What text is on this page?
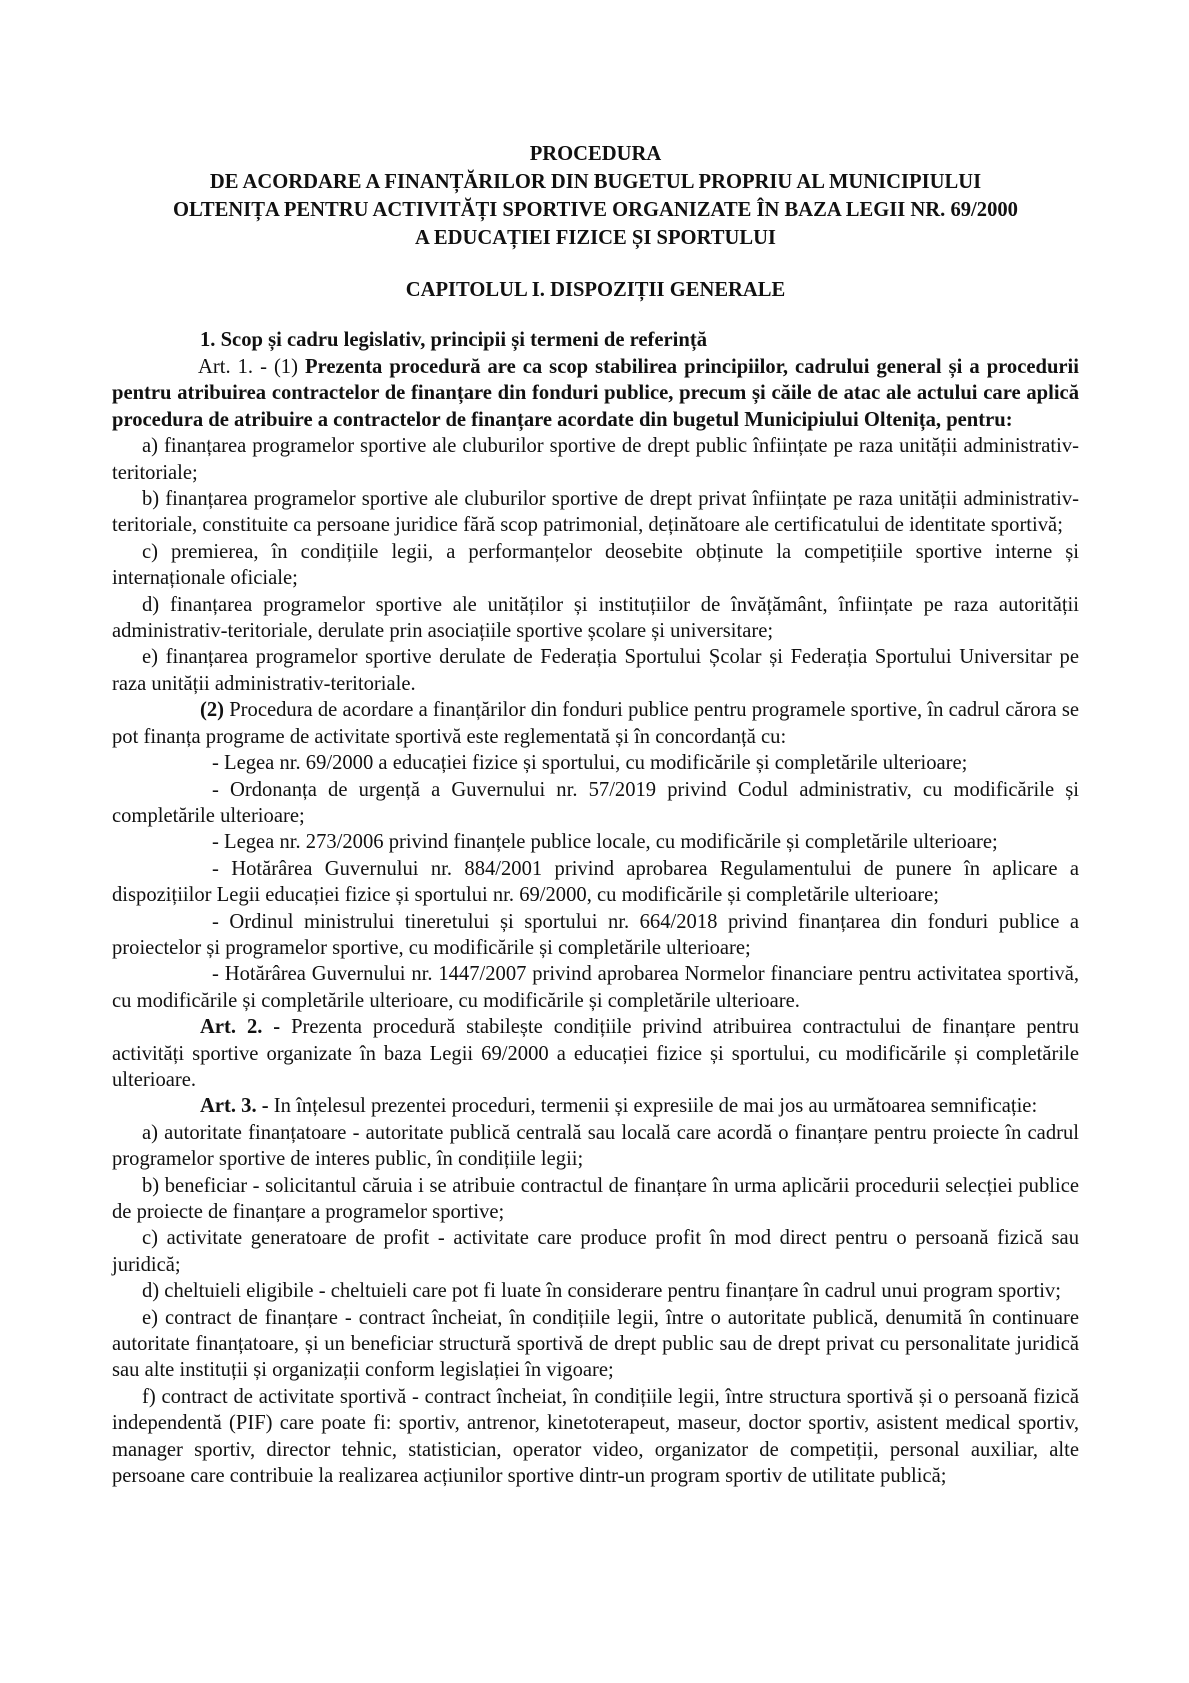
PROCEDURA

DE ACORDARE A FINANȚĂRILOR DIN BUGETUL PROPRIU AL MUNICIPIULUI

OLTENIȚA PENTRU ACTIVITĂȚI SPORTIVE ORGANIZATE ÎN BAZA LEGII NR. 69/2000

A EDUCAȚIEI FIZICE ȘI SPORTULUI

CAPITOLUL I. DISPOZIȚII GENERALE

1. Scop și cadru legislativ, principii și termeni de referință

Art. 1. - (1) Prezenta procedură are ca scop stabilirea principiilor, cadrului general și a procedurii pentru atribuirea contractelor de finanțare din fonduri publice, precum și căile de atac ale actului care aplică procedura de atribuire a contractelor de finanțare acordate din bugetul Municipiului Oltenița, pentru:

a) finanțarea programelor sportive ale cluburilor sportive de drept public înființate pe raza unității administrativ-teritoriale;

b) finanțarea programelor sportive ale cluburilor sportive de drept privat înființate pe raza unității administrativ-teritoriale, constituite ca persoane juridice fără scop patrimonial, deținătoare ale certificatului de identitate sportivă;

c) premierea, în condițiile legii, a performanțelor deosebite obținute la competițiile sportive interne și internaționale oficiale;

d) finanțarea programelor sportive ale unităților și instituțiilor de învățământ, înființate pe raza autorității administrativ-teritoriale, derulate prin asociațiile sportive școlare și universitare;

e) finanțarea programelor sportive derulate de Federația Sportului Școlar și Federația Sportului Universitar pe raza unității administrativ-teritoriale.

(2) Procedura de acordare a finanțărilor din fonduri publice pentru programele sportive, în cadrul cărora se pot finanța programe de activitate sportivă este reglementată și în concordanță cu:

- Legea nr. 69/2000 a educației fizice și sportului, cu modificările și completările ulterioare;

- Ordonanța de urgență a Guvernului nr. 57/2019 privind Codul administrativ, cu modificările și completările ulterioare;

- Legea nr. 273/2006 privind finanțele publice locale, cu modificările și completările ulterioare;

- Hotărârea Guvernului nr. 884/2001 privind aprobarea Regulamentului de punere în aplicare a dispozițiilor Legii educației fizice și sportului nr. 69/2000, cu modificările și completările ulterioare;

- Ordinul ministrului tineretului și sportului nr. 664/2018 privind finanțarea din fonduri publice a proiectelor și programelor sportive, cu modificările și completările ulterioare;

- Hotărârea Guvernului nr. 1447/2007 privind aprobarea Normelor financiare pentru activitatea sportivă, cu modificările și completările ulterioare, cu modificările și completările ulterioare.

Art. 2. - Prezenta procedură stabilește condițiile privind atribuirea contractului de finanțare pentru activități sportive organizate în baza Legii 69/2000 a educației fizice și sportului, cu modificările și completările ulterioare.

Art. 3. - In înțelesul prezentei proceduri, termenii și expresiile de mai jos au următoarea semnificație:

a) autoritate finanțatoare - autoritate publică centrală sau locală care acordă o finanțare pentru proiecte în cadrul programelor sportive de interes public, în condițiile legii;

b) beneficiar - solicitantul căruia i se atribuie contractul de finanțare în urma aplicării procedurii selecției publice de proiecte de finanțare a programelor sportive;

c) activitate generatoare de profit - activitate care produce profit în mod direct pentru o persoană fizică sau juridică;

d) cheltuieli eligibile - cheltuieli care pot fi luate în considerare pentru finanțare în cadrul unui program sportiv;

e) contract de finanțare - contract încheiat, în condițiile legii, între o autoritate publică, denumită în continuare autoritate finanțatoare, și un beneficiar structură sportivă de drept public sau de drept privat cu personalitate juridică sau alte instituții și organizații conform legislației în vigoare;

f) contract de activitate sportivă - contract încheiat, în condițiile legii, între structura sportivă și o persoană fizică independentă (PIF) care poate fi: sportiv, antrenor, kinetoterapeut, maseur, doctor sportiv, asistent medical sportiv, manager sportiv, director tehnic, statistician, operator video, organizator de competiții, personal auxiliar, alte persoane care contribuie la realizarea acțiunilor sportive dintr-un program sportiv de utilitate publică;
